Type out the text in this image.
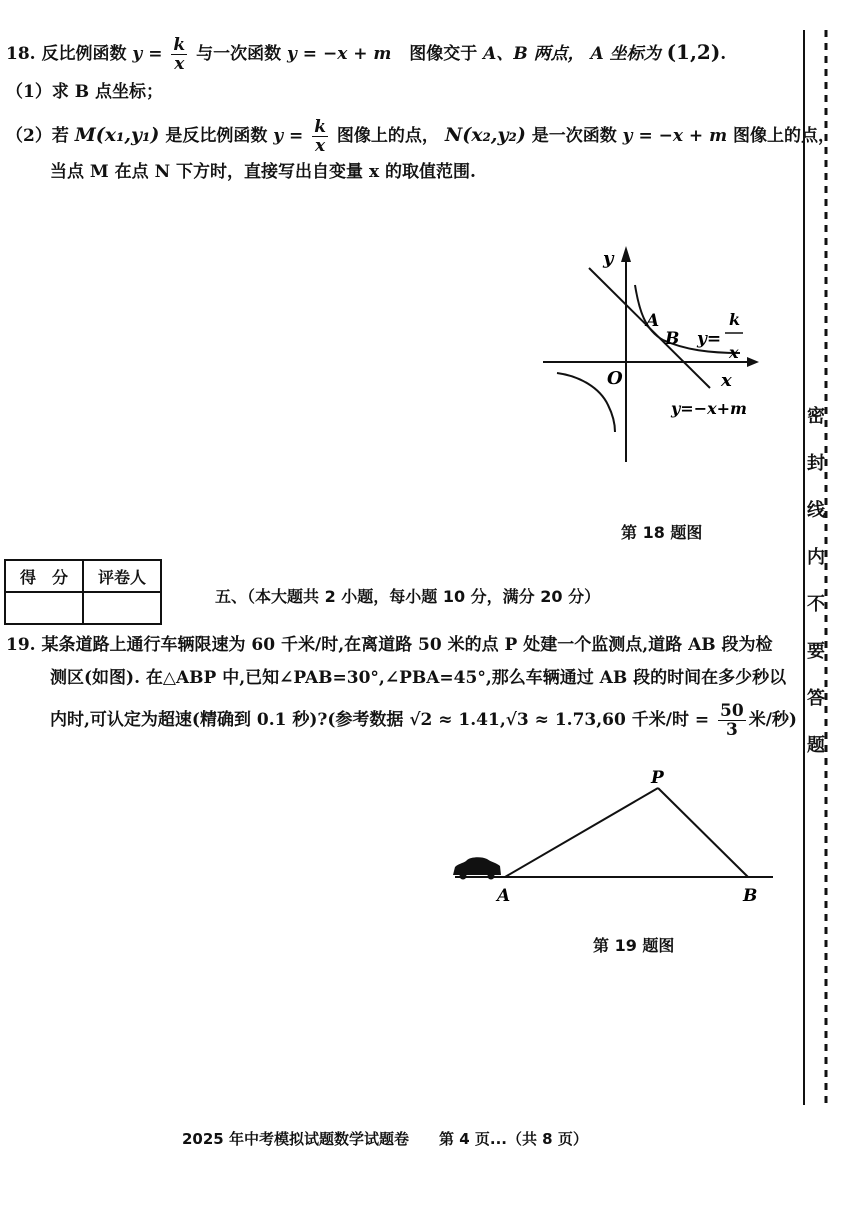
18. 反比例函数 $y = \frac{k}{x}$ 与一次函数 y = −x + m 图像交于 A、B 两点， A 坐标为 (1,2).
（1）求 B 点坐标；
（2）若 M(x₁,y₁) 是反比例函数 $y = \frac{k}{x}$ 图像上的点， N(x₂,y₂) 是一次函数 y = −x + m 图像上的点，
当点 M 在点 N 下方时，直接写出自变量 x 的取值范围.
y
x
O
A
B y=
k
x
y=−x+m
第 18 题图
得　分	评卷人

五、（本大题共 2 小题，每小题 10 分，满分 20 分）
19. 某条道路上通行车辆限速为 60 千米/时,在离道路 50 米的点 P 处建一个监测点,道路 AB 段为检
测区(如图). 在△ABP 中,已知∠PAB=30°,∠PBA=45°,那么车辆通过 AB 段的时间在多少秒以
内时,可认定为超速(精确到 0.1 秒)?(参考数据 √2 ≈ 1.41,√3 ≈ 1.73,60 千米/时 = $\frac{50}{3}$ 米/秒)
P
A	B
第 19 题图
密
封
线
内
不
要
答
题
2025 年中考模拟试题数学试题卷 第 4 页...（共 8 页）
